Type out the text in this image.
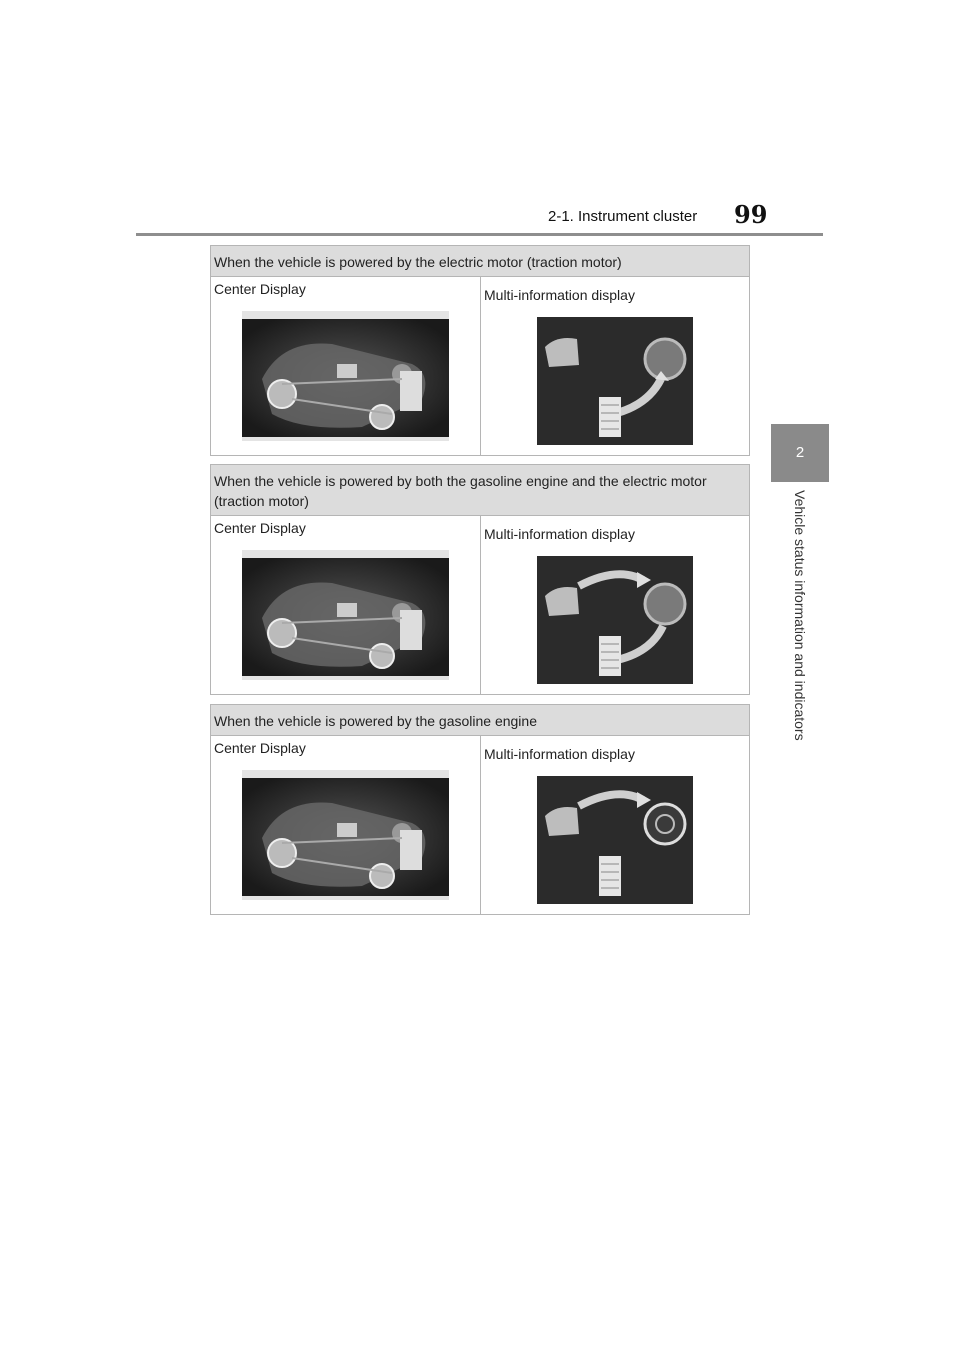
2-1. Instrument cluster 99
2
Vehicle status information and indicators
When the vehicle is powered by the electric motor (traction motor)
Center Display	Multi-information display
When the vehicle is powered by both the gasoline engine and the electric motor (traction motor)
Center Display	Multi-information display
When the vehicle is powered by the gasoline engine
Center Display	Multi-information display
